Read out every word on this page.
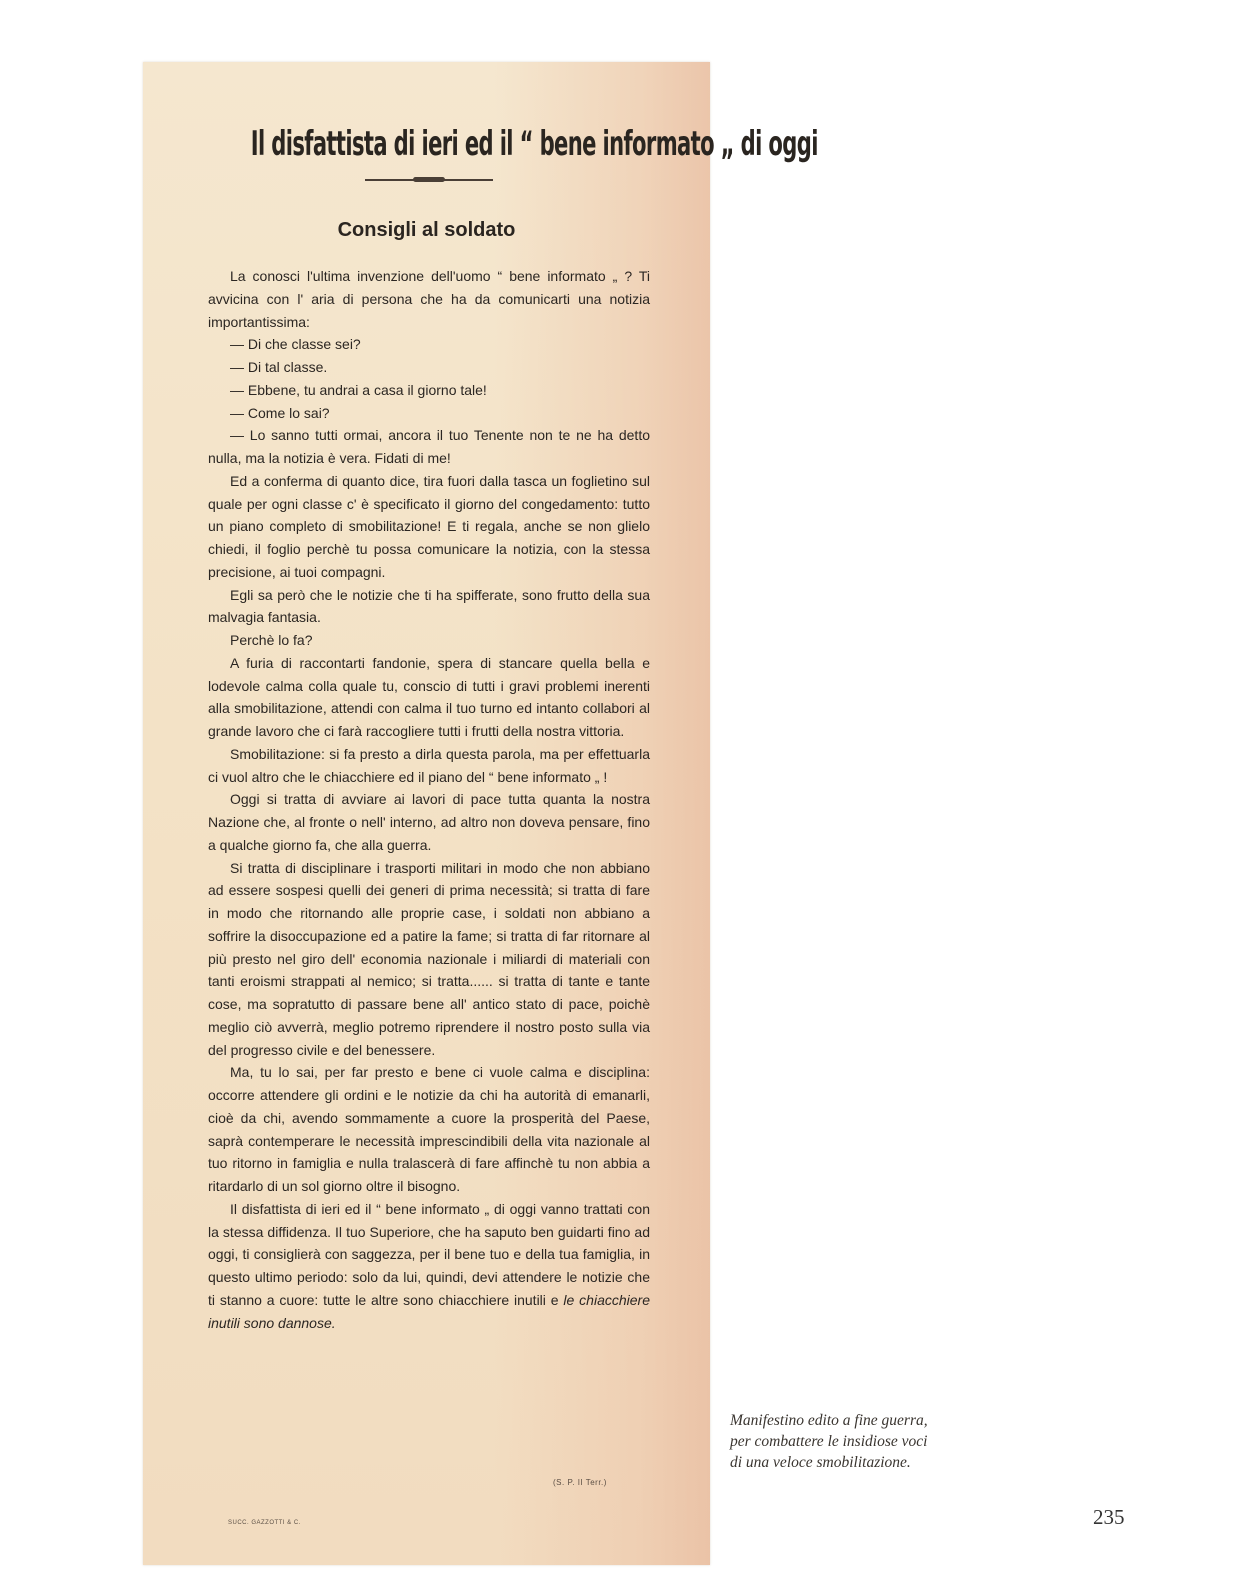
Il disfattista di ieri ed il “ bene informato „ di oggi
Consigli al soldato

La conosci l'ultima invenzione dell'uomo “ bene informato „ ? Ti avvicina con l' aria di persona che ha da comunicarti una notizia importantissima:

— Di che classe sei?

— Di tal classe.

— Ebbene, tu andrai a casa il giorno tale!

— Come lo sai?

— Lo sanno tutti ormai, ancora il tuo Tenente non te ne ha detto nulla, ma la notizia è vera. Fidati di me!

Ed a conferma di quanto dice, tira fuori dalla tasca un foglietino sul quale per ogni classe c' è specificato il giorno del congedamento: tutto un piano completo di smobilitazione! E ti regala, anche se non glielo chiedi, il foglio perchè tu possa comunicare la notizia, con la stessa precisione, ai tuoi compagni.

Egli sa però che le notizie che ti ha spifferate, sono frutto della sua malvagia fantasia.

Perchè lo fa?

A furia di raccontarti fandonie, spera di stancare quella bella e lodevole calma colla quale tu, conscio di tutti i gravi problemi inerenti alla smobilitazione, attendi con calma il tuo turno ed intanto collabori al grande lavoro che ci farà raccogliere tutti i frutti della nostra vittoria.

Smobilitazione: si fa presto a dirla questa parola, ma per effettuarla ci vuol altro che le chiacchiere ed il piano del “ bene informato „ !

Oggi si tratta di avviare ai lavori di pace tutta quanta la nostra Nazione che, al fronte o nell' interno, ad altro non doveva pensare, fino a qualche giorno fa, che alla guerra.

Si tratta di disciplinare i trasporti militari in modo che non abbiano ad essere sospesi quelli dei generi di prima necessità; si tratta di fare in modo che ritornando alle proprie case, i soldati non abbiano a soffrire la disoccupazione ed a patire la fame; si tratta di far ritornare al più presto nel giro dell' economia nazionale i miliardi di materiali con tanti eroismi strappati al nemico; si tratta...... si tratta di tante e tante cose, ma sopratutto di passare bene all' antico stato di pace, poichè meglio ciò avverrà, meglio potremo riprendere il nostro posto sulla via del progresso civile e del benessere.

Ma, tu lo sai, per far presto e bene ci vuole calma e disciplina: occorre attendere gli ordini e le notizie da chi ha autorità di emanarli, cioè da chi, avendo sommamente a cuore la prosperità del Paese, saprà contemperare le necessità imprescindibili della vita nazionale al tuo ritorno in famiglia e nulla tralascerà di fare affinchè tu non abbia a ritardarlo di un sol giorno oltre il bisogno.

Il disfattista di ieri ed il “ bene informato „ di oggi vanno trattati con la stessa diffidenza. Il tuo Superiore, che ha saputo ben guidarti fino ad oggi, ti consiglierà con saggezza, per il bene tuo e della tua famiglia, in questo ultimo periodo: solo da lui, quindi, devi attendere le notizie che ti stanno a cuore: tutte le altre sono chiacchiere inutili e le chiacchiere inutili sono dannose.

(S. P. II Terr.)
SUCC. GAZZOTTI & C.
Manifestino edito a fine guerra,
per combattere le insidiose voci
di una veloce smobilitazione.
235
